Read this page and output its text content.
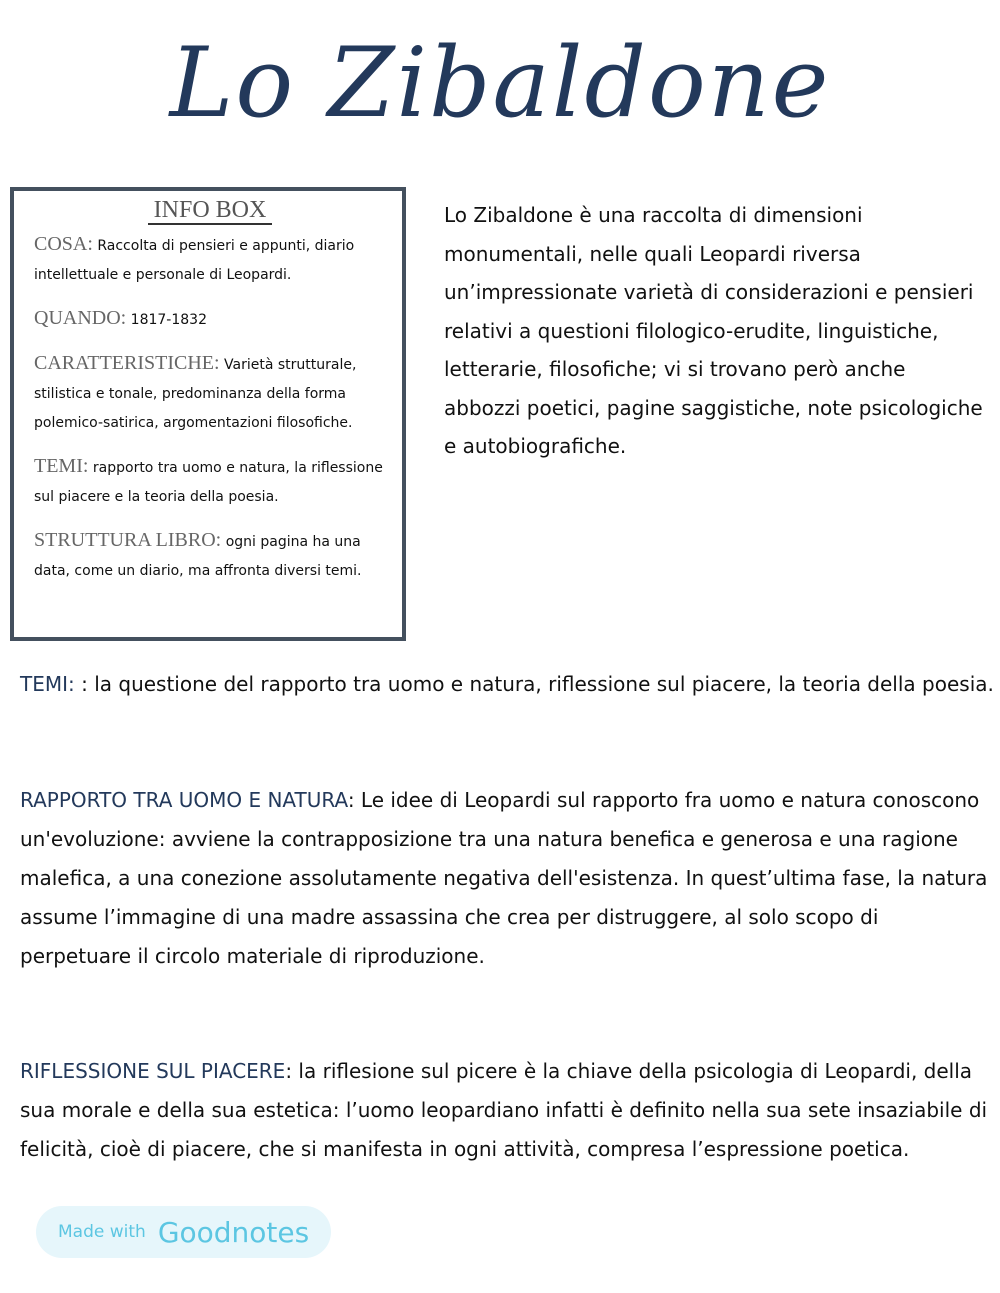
Lo Zibaldone
INFO BOX
COSA: Raccolta di pensieri e appunti, diario intellettuale e personale di Leopardi.
QUANDO: 1817-1832
CARATTERISTICHE: Varietà strutturale, stilistica e tonale, predominanza della forma polemico-satirica, argomentazioni filosofiche.
TEMI: rapporto tra uomo e natura, la riflessione sul piacere e la teoria della poesia.
STRUTTURA LIBRO: ogni pagina ha una data, come un diario, ma affronta diversi temi.
Lo Zibaldone è una raccolta di dimensioni monumentali, nelle quali Leopardi riversa un’impressionate varietà di considerazioni e pensieri relativi a questioni filologico-erudite, linguistiche, letterarie, filosofiche; vi si trovano però anche abbozzi poetici, pagine saggistiche, note psicologiche e autobiografiche.
TEMI: : la questione del rapporto tra uomo e natura, riflessione sul piacere, la teoria della poesia.
RAPPORTO TRA UOMO E NATURA: Le idee di Leopardi sul rapporto fra uomo e natura conoscono un'evoluzione: avviene la contrapposizione tra una natura benefica e generosa e una ragione malefica, a una conezione assolutamente negativa dell'esistenza. In quest’ultima fase, la natura assume l’immagine di una madre assassina che crea per distruggere, al solo scopo di perpetuare il circolo materiale di riproduzione.
RIFLESSIONE SUL PIACERE: la riflesione sul picere è la chiave della psicologia di Leopardi, della sua morale e della sua estetica: l’uomo leopardiano infatti è definito nella sua sete insaziabile di felicità, cioè di piacere, che si manifesta in ogni attività, compresa l’espressione poetica.
Made with Goodnotes
